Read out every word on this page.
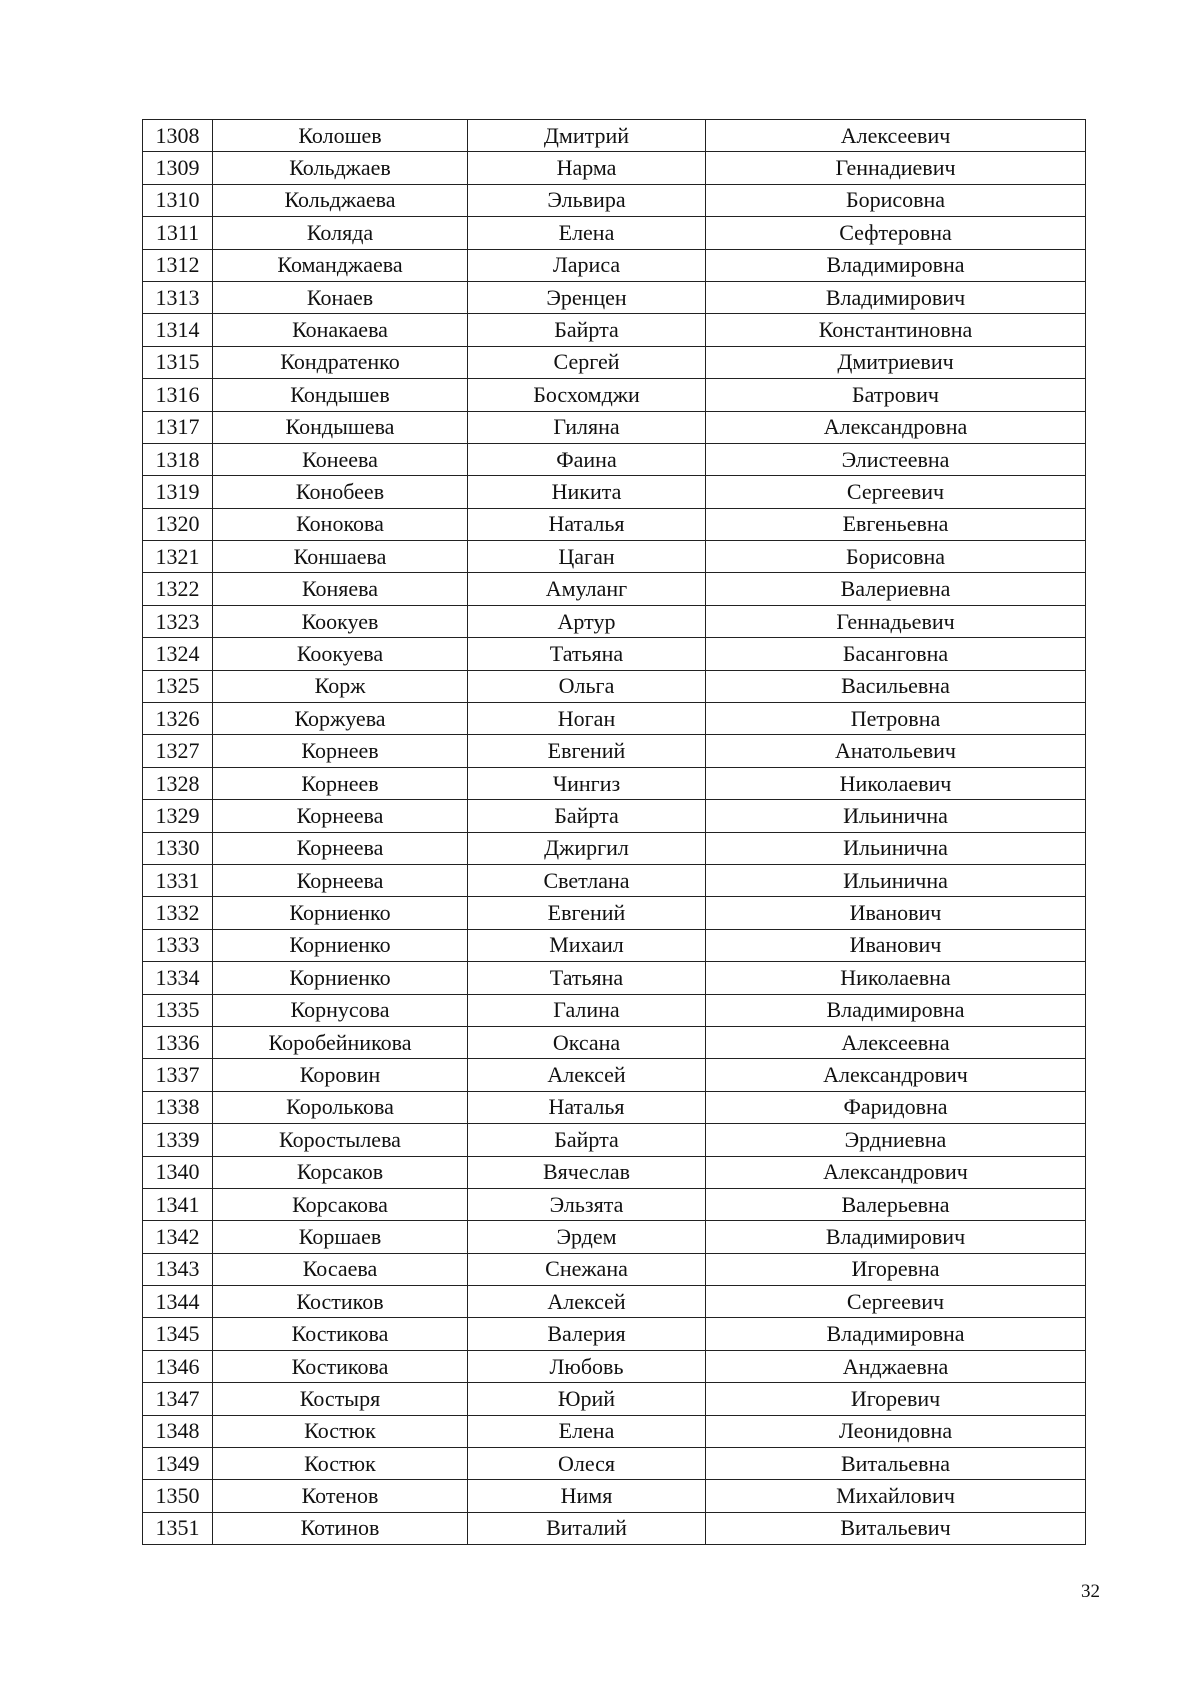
1308	Колошев	Дмитрий	Алексеевич
1309	Кольджаев	Нарма	Геннадиевич
1310	Кольджаева	Эльвира	Борисовна
1311	Коляда	Елена	Сефтеровна
1312	Команджаева	Лариса	Владимировна
1313	Конаев	Эренцен	Владимирович
1314	Конакаева	Байрта	Константиновна
1315	Кондратенко	Сергей	Дмитриевич
1316	Кондышев	Босхомджи	Батрович
1317	Кондышева	Гиляна	Александровна
1318	Конеева	Фаина	Элистеевна
1319	Конобеев	Никита	Сергеевич
1320	Конокова	Наталья	Евгеньевна
1321	Коншаева	Цаган	Борисовна
1322	Коняева	Амуланг	Валериевна
1323	Коокуев	Артур	Геннадьевич
1324	Коокуева	Татьяна	Басанговна
1325	Корж	Ольга	Васильевна
1326	Коржуева	Ноган	Петровна
1327	Корнеев	Евгений	Анатольевич
1328	Корнеев	Чингиз	Николаевич
1329	Корнеева	Байрта	Ильинична
1330	Корнеева	Джиргил	Ильинична
1331	Корнеева	Светлана	Ильинична
1332	Корниенко	Евгений	Иванович
1333	Корниенко	Михаил	Иванович
1334	Корниенко	Татьяна	Николаевна
1335	Корнусова	Галина	Владимировна
1336	Коробейникова	Оксана	Алексеевна
1337	Коровин	Алексей	Александрович
1338	Королькова	Наталья	Фаридовна
1339	Коростылева	Байрта	Эрдниевна
1340	Корсаков	Вячеслав	Александрович
1341	Корсакова	Эльзята	Валерьевна
1342	Коршаев	Эрдем	Владимирович
1343	Косаева	Снежана	Игоревна
1344	Костиков	Алексей	Сергеевич
1345	Костикова	Валерия	Владимировна
1346	Костикова	Любовь	Анджаевна
1347	Костыря	Юрий	Игоревич
1348	Костюк	Елена	Леонидовна
1349	Костюк	Олеся	Витальевна
1350	Котенов	Нимя	Михайлович
1351	Котинов	Виталий	Витальевич
32
